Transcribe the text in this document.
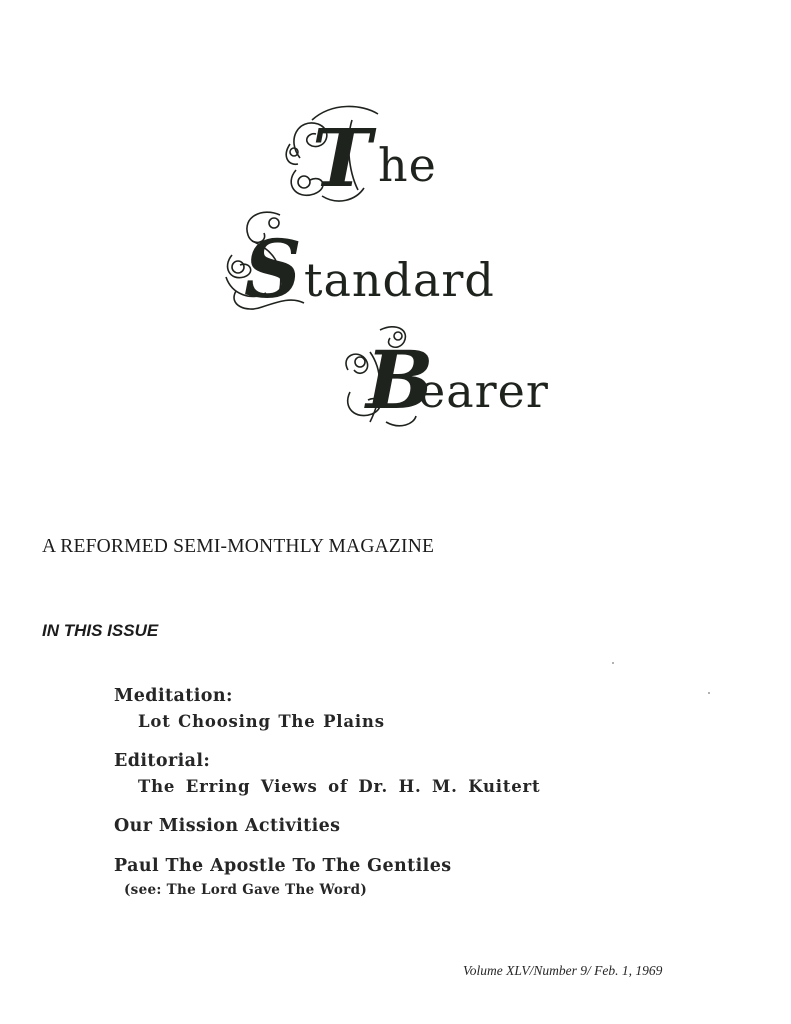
T he
S tandard
B
earer
A REFORMED SEMI-MONTHLY MAGAZINE
IN THIS ISSUE
Meditation:
Lot Choosing The Plains
Editorial:
The Erring Views of Dr. H. M. Kuitert
Our Mission Activities
Paul The Apostle To The Gentiles
(see: The Lord Gave The Word)
Volume XLV/Number 9/ Feb. 1, 1969
